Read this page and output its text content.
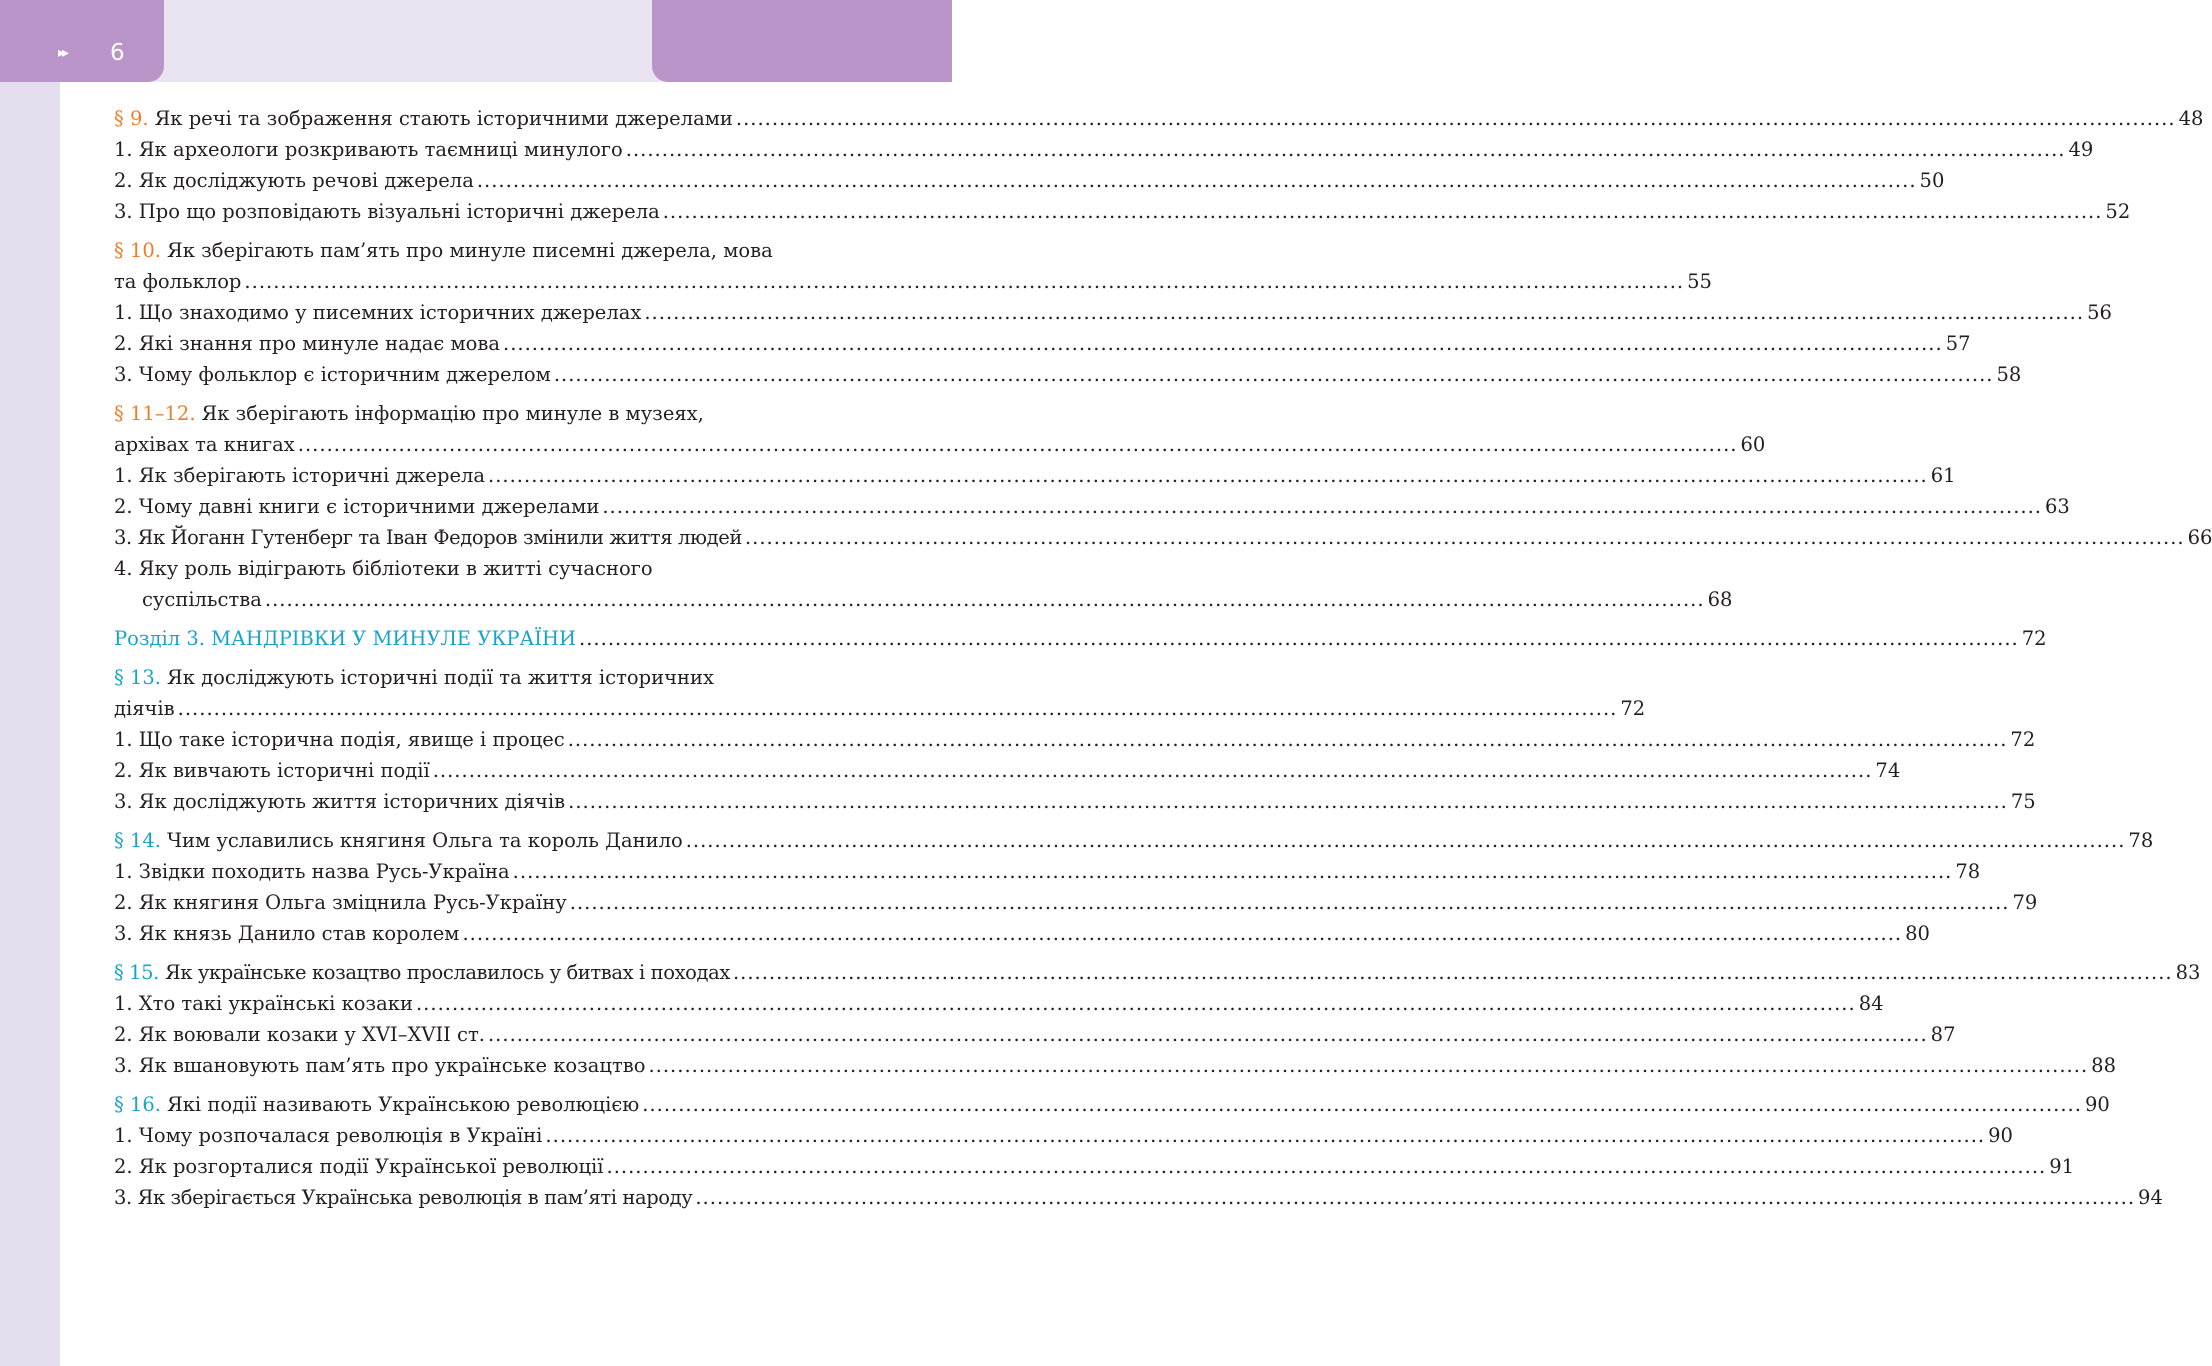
▸▸ 6
§ 9. Як речі та зображення стають історичними джерелами ........................................................................................................................................................................................................ 48
1. Як археологи розкривають таємниці минулого ........................................................................................................................................................................................................ 49
2. Як досліджують речові джерела ........................................................................................................................................................................................................ 50
3. Про що розповідають візуальні історичні джерела ........................................................................................................................................................................................................ 52
§ 10. Як зберігають пам’ять про минуле писемні джерела, мова
та фольклор ........................................................................................................................................................................................................ 55
1. Що знаходимо у писемних історичних джерелах ........................................................................................................................................................................................................ 56
2. Які знання про минуле надає мова ........................................................................................................................................................................................................ 57
3. Чому фольклор є історичним джерелом ........................................................................................................................................................................................................ 58
§ 11–12. Як зберігають інформацію про минуле в музеях,
архівах та книгах ........................................................................................................................................................................................................ 60
1. Як зберігають історичні джерела ........................................................................................................................................................................................................ 61
2. Чому давні книги є історичними джерелами ........................................................................................................................................................................................................ 63
3. Як Йоганн Гутенберг та Іван Федоров змінили життя людей ........................................................................................................................................................................................................ 66
4. Яку роль відіграють бібліотеки в житті сучасного
суспільства ........................................................................................................................................................................................................ 68
Розділ 3. МАНДРІВКИ У МИНУЛЕ УКРАЇНИ ........................................................................................................................................................................................................ 72
§ 13. Як досліджують історичні події та життя історичних
діячів ........................................................................................................................................................................................................ 72
1. Що таке історична подія, явище і процес ........................................................................................................................................................................................................ 72
2. Як вивчають історичні події ........................................................................................................................................................................................................ 74
3. Як досліджують життя історичних діячів ........................................................................................................................................................................................................ 75
§ 14. Чим уславились княгиня Ольга та король Данило ........................................................................................................................................................................................................ 78
1. Звідки походить назва Русь-Україна ........................................................................................................................................................................................................ 78
2. Як княгиня Ольга зміцнила Русь-Україну ........................................................................................................................................................................................................ 79
3. Як князь Данило став королем ........................................................................................................................................................................................................ 80
§ 15. Як українське козацтво прославилось у битвах і походах ........................................................................................................................................................................................................ 83
1. Хто такі українські козаки ........................................................................................................................................................................................................ 84
2. Як воювали козаки у XVI–XVII ст. ........................................................................................................................................................................................................ 87
3. Як вшановують пам’ять про українське козацтво ........................................................................................................................................................................................................ 88
§ 16. Які події називають Українською революцією ........................................................................................................................................................................................................ 90
1. Чому розпочалася революція в Україні ........................................................................................................................................................................................................ 90
2. Як розгорталися події Української революції ........................................................................................................................................................................................................ 91
3. Як зберігається Українська революція в пам’яті народу ........................................................................................................................................................................................................ 94
